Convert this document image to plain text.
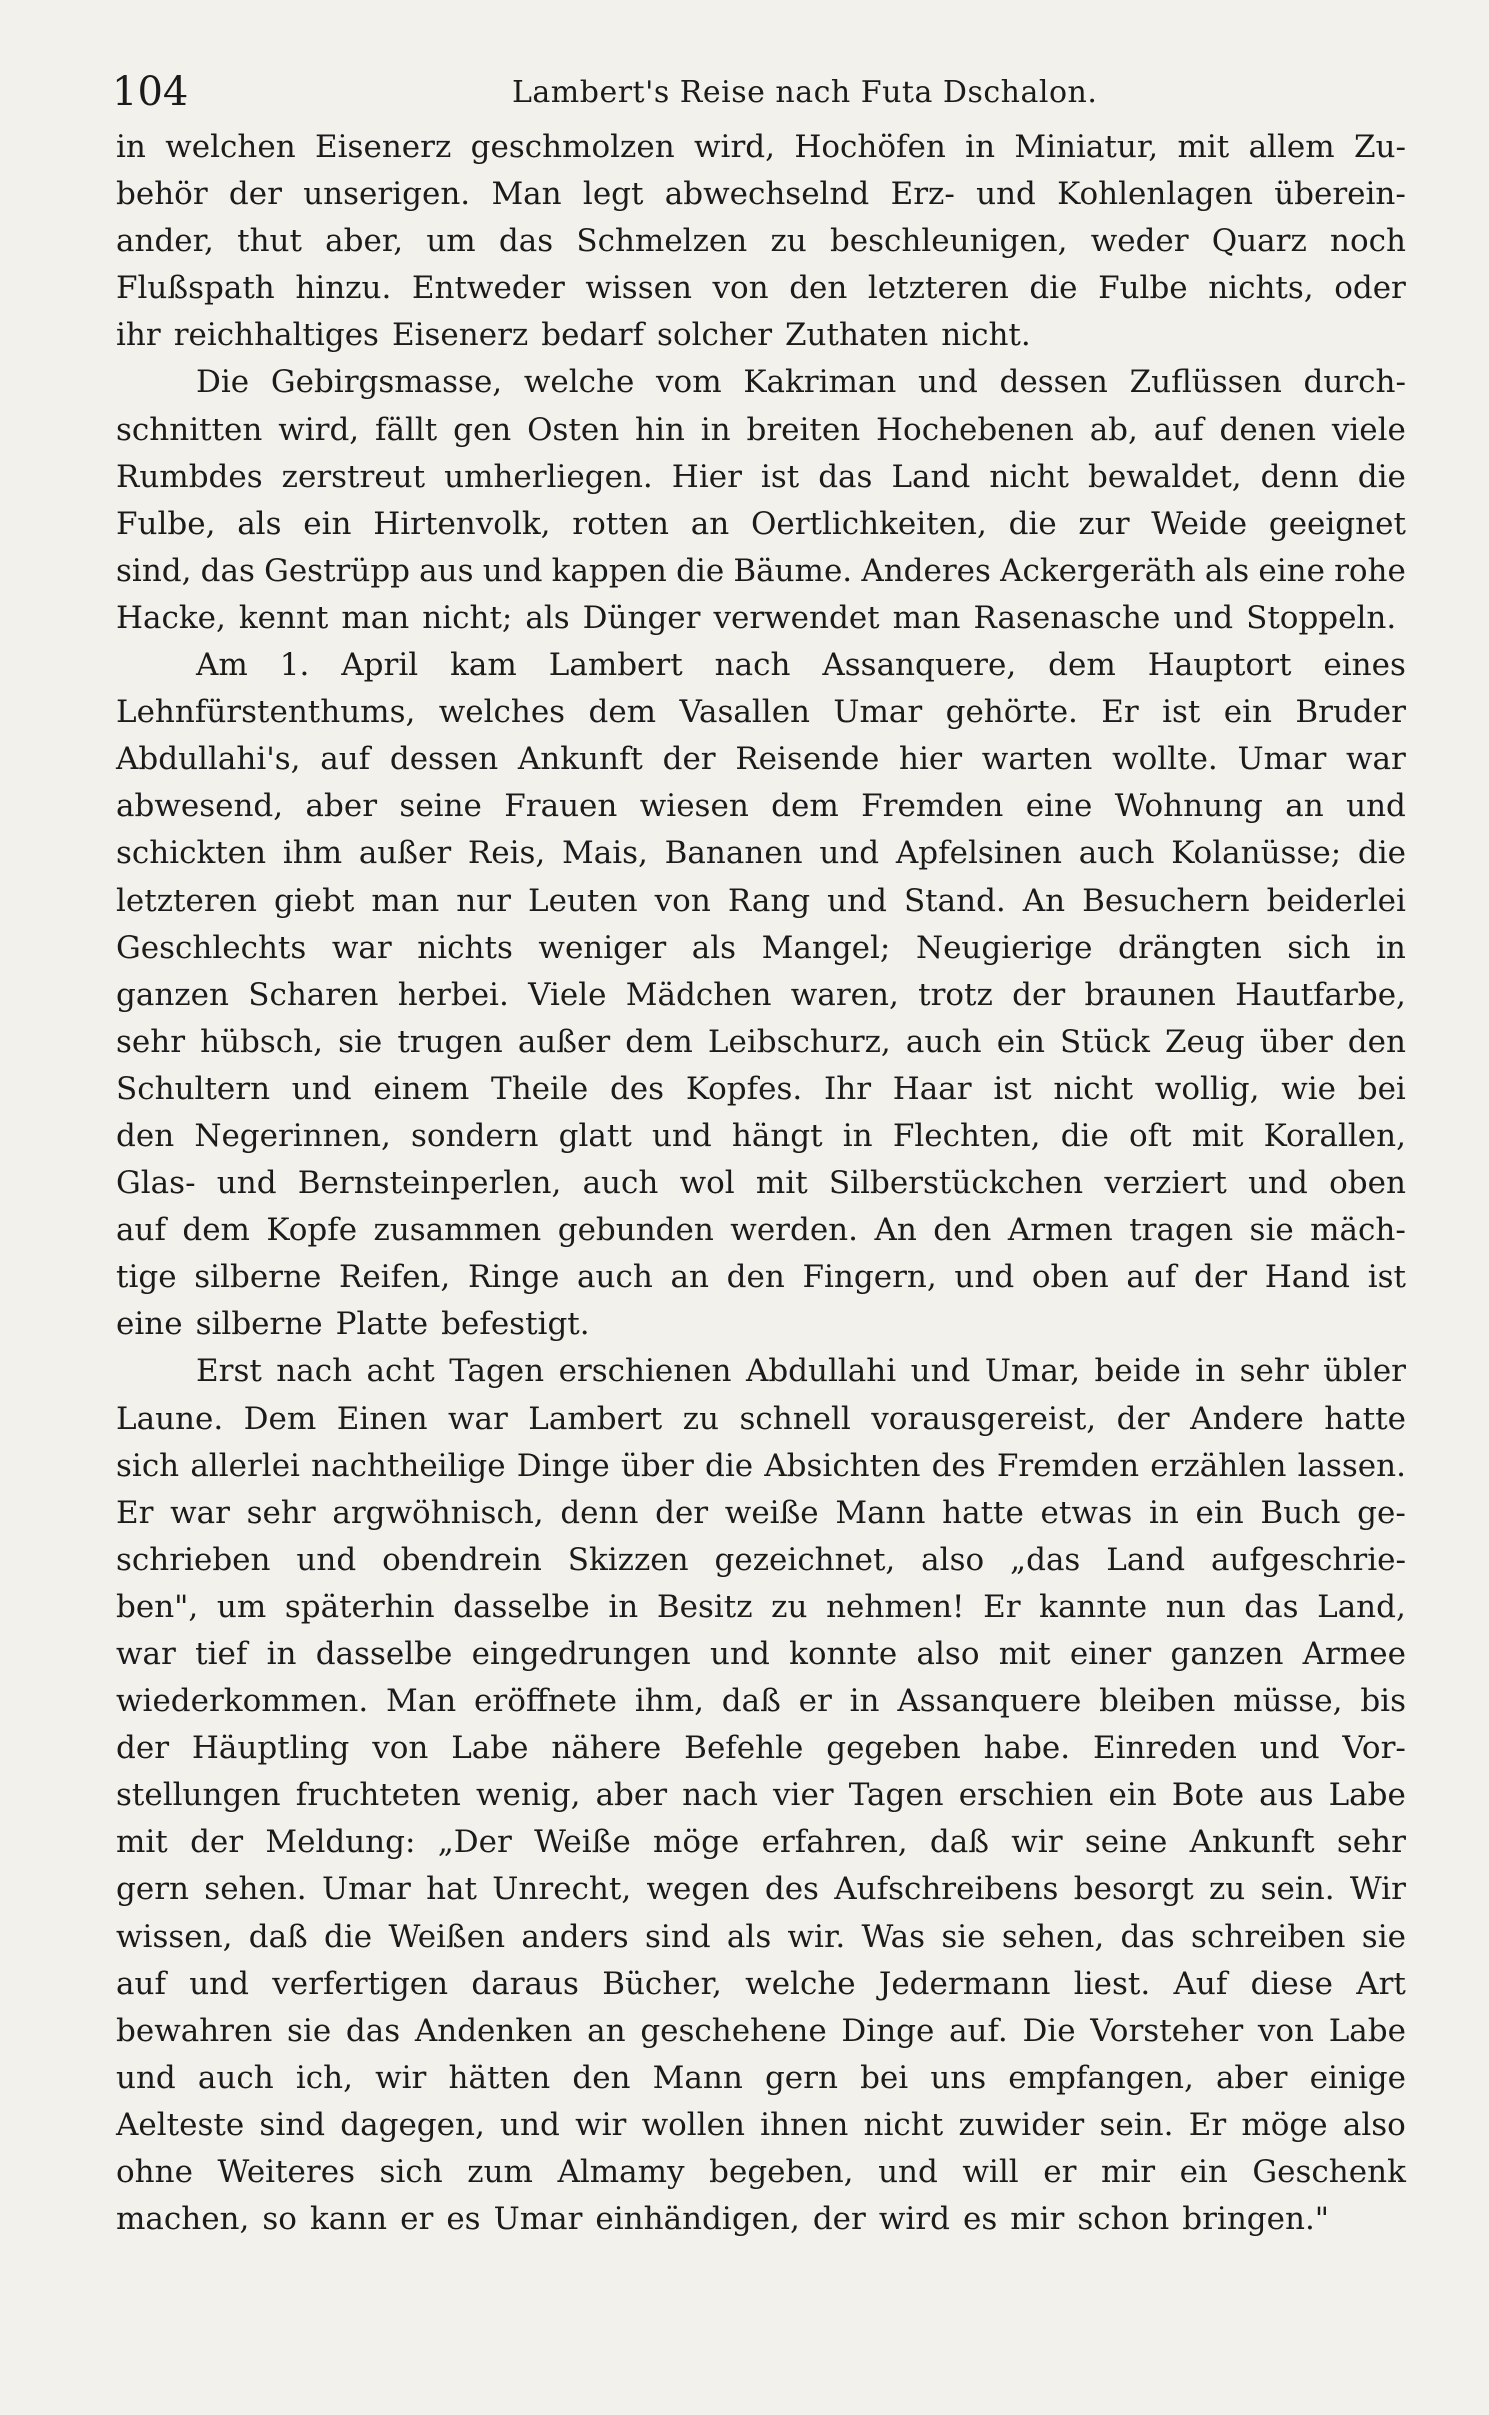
104	Lambert's Reise nach Futa Dschalon.
in welchen Eisenerz geschmolzen wird, Hochöfen in Miniatur, mit allem Zu-
behör der unserigen. Man legt abwechselnd Erz- und Kohlenlagen überein-
ander, thut aber, um das Schmelzen zu beschleunigen, weder Quarz noch
Flußspath hinzu. Entweder wissen von den letzteren die Fulbe nichts, oder
ihr reichhaltiges Eisenerz bedarf solcher Zuthaten nicht.
Die Gebirgsmasse, welche vom Kakriman und dessen Zuflüssen durch-
schnitten wird, fällt gen Osten hin in breiten Hochebenen ab, auf denen viele
Rumbdes zerstreut umherliegen. Hier ist das Land nicht bewaldet, denn die
Fulbe, als ein Hirtenvolk, rotten an Oertlichkeiten, die zur Weide geeignet
sind, das Gestrüpp aus und kappen die Bäume. Anderes Ackergeräth als eine rohe
Hacke, kennt man nicht; als Dünger verwendet man Rasenasche und Stoppeln.
Am 1. April kam Lambert nach Assanquere, dem Hauptort eines
Lehnfürstenthums, welches dem Vasallen Umar gehörte. Er ist ein Bruder
Abdullahi's, auf dessen Ankunft der Reisende hier warten wollte. Umar war
abwesend, aber seine Frauen wiesen dem Fremden eine Wohnung an und
schickten ihm außer Reis, Mais, Bananen und Apfelsinen auch Kolanüsse; die
letzteren giebt man nur Leuten von Rang und Stand. An Besuchern beiderlei
Geschlechts war nichts weniger als Mangel; Neugierige drängten sich in
ganzen Scharen herbei. Viele Mädchen waren, trotz der braunen Hautfarbe,
sehr hübsch, sie trugen außer dem Leibschurz, auch ein Stück Zeug über den
Schultern und einem Theile des Kopfes. Ihr Haar ist nicht wollig, wie bei
den Negerinnen, sondern glatt und hängt in Flechten, die oft mit Korallen,
Glas- und Bernsteinperlen, auch wol mit Silberstückchen verziert und oben
auf dem Kopfe zusammen gebunden werden. An den Armen tragen sie mäch-
tige silberne Reifen, Ringe auch an den Fingern, und oben auf der Hand ist
eine silberne Platte befestigt.
Erst nach acht Tagen erschienen Abdullahi und Umar, beide in sehr übler
Laune. Dem Einen war Lambert zu schnell vorausgereist, der Andere hatte
sich allerlei nachtheilige Dinge über die Absichten des Fremden erzählen lassen.
Er war sehr argwöhnisch, denn der weiße Mann hatte etwas in ein Buch ge-
schrieben und obendrein Skizzen gezeichnet, also „das Land aufgeschrie-
ben", um späterhin dasselbe in Besitz zu nehmen! Er kannte nun das Land,
war tief in dasselbe eingedrungen und konnte also mit einer ganzen Armee
wiederkommen. Man eröffnete ihm, daß er in Assanquere bleiben müsse, bis
der Häuptling von Labe nähere Befehle gegeben habe. Einreden und Vor-
stellungen fruchteten wenig, aber nach vier Tagen erschien ein Bote aus Labe
mit der Meldung: „Der Weiße möge erfahren, daß wir seine Ankunft sehr
gern sehen. Umar hat Unrecht, wegen des Aufschreibens besorgt zu sein. Wir
wissen, daß die Weißen anders sind als wir. Was sie sehen, das schreiben sie
auf und verfertigen daraus Bücher, welche Jedermann liest. Auf diese Art
bewahren sie das Andenken an geschehene Dinge auf. Die Vorsteher von Labe
und auch ich, wir hätten den Mann gern bei uns empfangen, aber einige
Aelteste sind dagegen, und wir wollen ihnen nicht zuwider sein. Er möge also
ohne Weiteres sich zum Almamy begeben, und will er mir ein Geschenk
machen, so kann er es Umar einhändigen, der wird es mir schon bringen."
